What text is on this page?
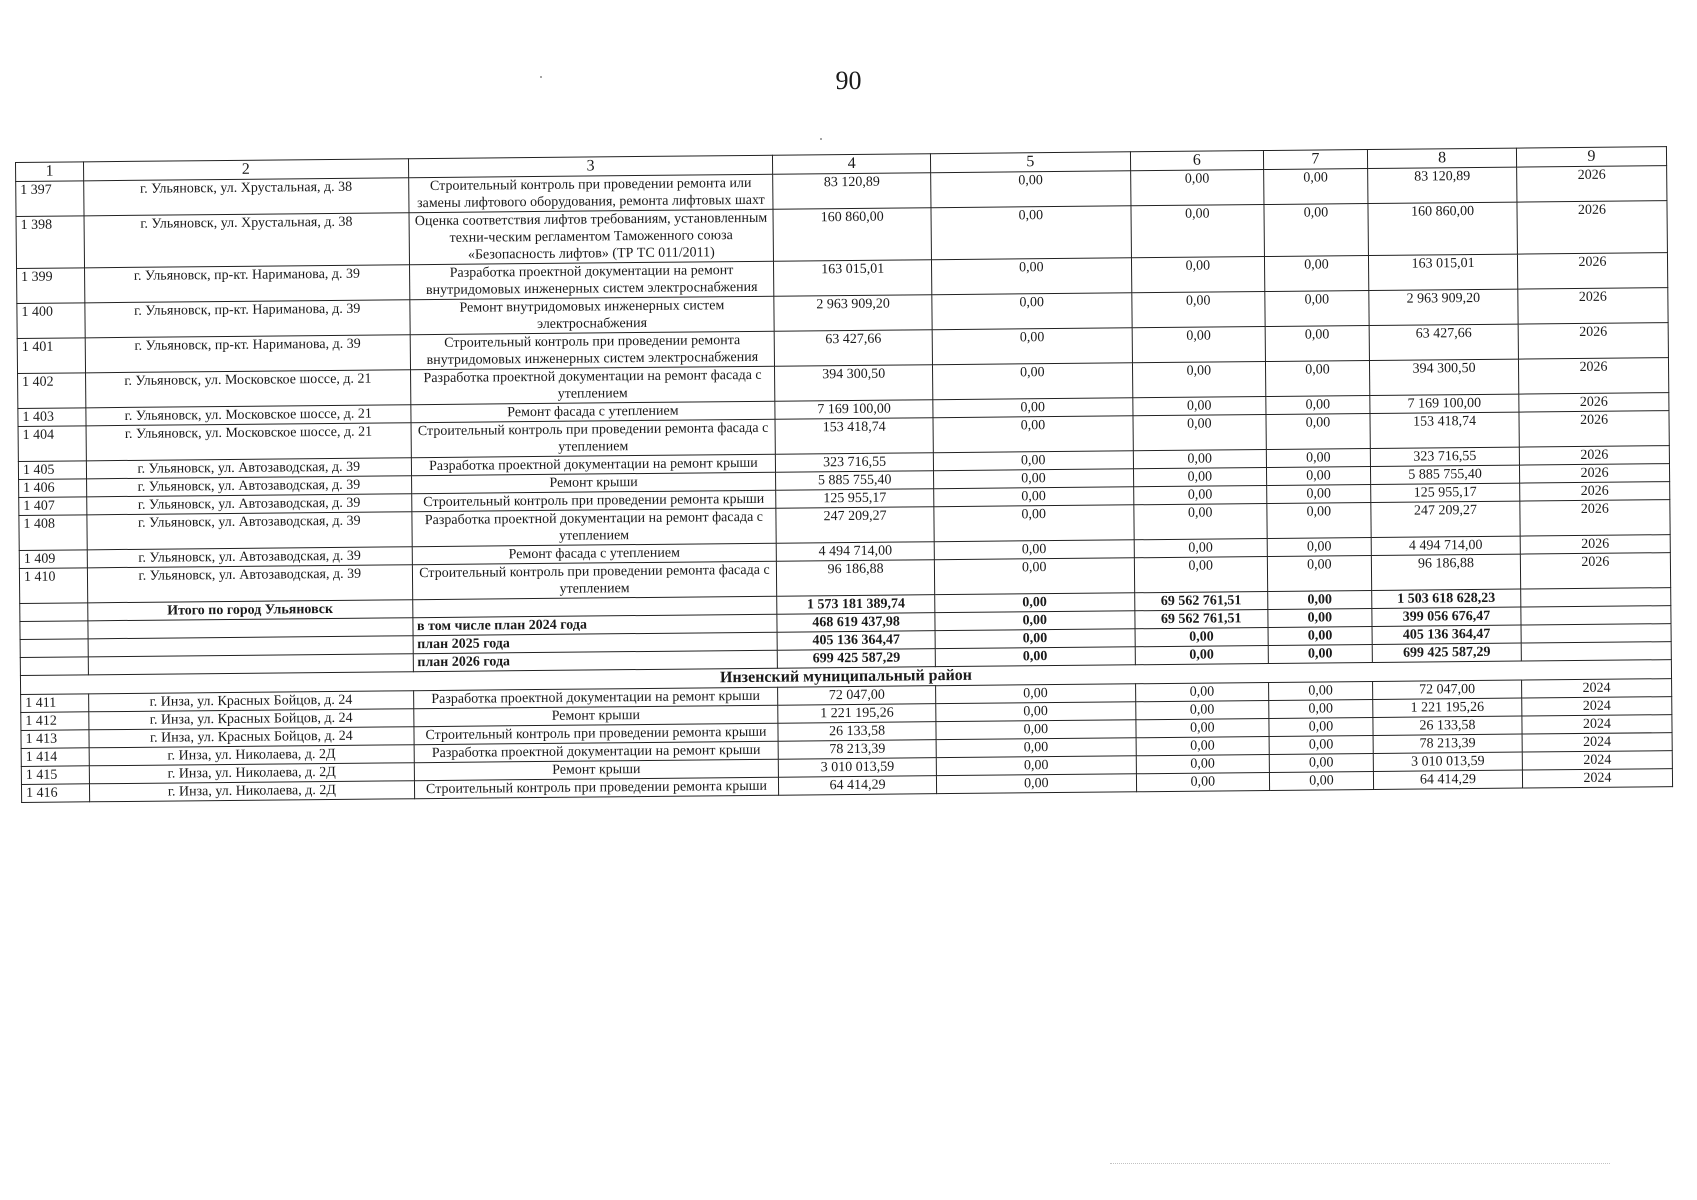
90
1	2	3	4	5	6	7	8	9
1 397	г. Ульяновск, ул. Хрустальная, д. 38	Строительный контроль при проведении ремонта или замены лифтового оборудования, ремонта лифтовых шахт	83 120,89	0,00	0,00	0,00	83 120,89	2026
1 398	г. Ульяновск, ул. Хрустальная, д. 38	Оценка соответствия лифтов требованиям, установленным техни-ческим регламентом Таможенного союза «Безопасность лифтов» (ТР ТС 011/2011)	160 860,00	0,00	0,00	0,00	160 860,00	2026
1 399	г. Ульяновск, пр-кт. Нариманова, д. 39	Разработка проектной документации на ремонт внутридомовых инженерных систем электроснабжения	163 015,01	0,00	0,00	0,00	163 015,01	2026
1 400	г. Ульяновск, пр-кт. Нариманова, д. 39	Ремонт внутридомовых инженерных систем электроснабжения	2 963 909,20	0,00	0,00	0,00	2 963 909,20	2026
1 401	г. Ульяновск, пр-кт. Нариманова, д. 39	Строительный контроль при проведении ремонта внутридомовых инженерных систем электроснабжения	63 427,66	0,00	0,00	0,00	63 427,66	2026
1 402	г. Ульяновск, ул. Московское шоссе, д. 21	Разработка проектной документации на ремонт фасада с утеплением	394 300,50	0,00	0,00	0,00	394 300,50	2026
1 403	г. Ульяновск, ул. Московское шоссе, д. 21	Ремонт фасада с утеплением	7 169 100,00	0,00	0,00	0,00	7 169 100,00	2026
1 404	г. Ульяновск, ул. Московское шоссе, д. 21	Строительный контроль при проведении ремонта фасада с утеплением	153 418,74	0,00	0,00	0,00	153 418,74	2026
1 405	г. Ульяновск, ул. Автозаводская, д. 39	Разработка проектной документации на ремонт крыши	323 716,55	0,00	0,00	0,00	323 716,55	2026
1 406	г. Ульяновск, ул. Автозаводская, д. 39	Ремонт крыши	5 885 755,40	0,00	0,00	0,00	5 885 755,40	2026
1 407	г. Ульяновск, ул. Автозаводская, д. 39	Строительный контроль при проведении ремонта крыши	125 955,17	0,00	0,00	0,00	125 955,17	2026
1 408	г. Ульяновск, ул. Автозаводская, д. 39	Разработка проектной документации на ремонт фасада с утеплением	247 209,27	0,00	0,00	0,00	247 209,27	2026
1 409	г. Ульяновск, ул. Автозаводская, д. 39	Ремонт фасада с утеплением	4 494 714,00	0,00	0,00	0,00	4 494 714,00	2026
1 410	г. Ульяновск, ул. Автозаводская, д. 39	Строительный контроль при проведении ремонта фасада с утеплением	96 186,88	0,00	0,00	0,00	96 186,88	2026
	Итого по город Ульяновск		1 573 181 389,74	0,00	69 562 761,51	0,00	1 503 618 628,23	
		в том числе план 2024 года	468 619 437,98	0,00	69 562 761,51	0,00	399 056 676,47	
		план 2025 года	405 136 364,47	0,00	0,00	0,00	405 136 364,47	
		план 2026 года	699 425 587,29	0,00	0,00	0,00	699 425 587,29	
Инзенский муниципальный район								
1 411	г. Инза, ул. Красных Бойцов, д. 24	Разработка проектной документации на ремонт крыши	72 047,00	0,00	0,00	0,00	72 047,00	2024
1 412	г. Инза, ул. Красных Бойцов, д. 24	Ремонт крыши	1 221 195,26	0,00	0,00	0,00	1 221 195,26	2024
1 413	г. Инза, ул. Красных Бойцов, д. 24	Строительный контроль при проведении ремонта крыши	26 133,58	0,00	0,00	0,00	26 133,58	2024
1 414	г. Инза, ул. Николаева, д. 2Д	Разработка проектной документации на ремонт крыши	78 213,39	0,00	0,00	0,00	78 213,39	2024
1 415	г. Инза, ул. Николаева, д. 2Д	Ремонт крыши	3 010 013,59	0,00	0,00	0,00	3 010 013,59	2024
1 416	г. Инза, ул. Николаева, д. 2Д	Строительный контроль при проведении ремонта крыши	64 414,29	0,00	0,00	0,00	64 414,29	2024
